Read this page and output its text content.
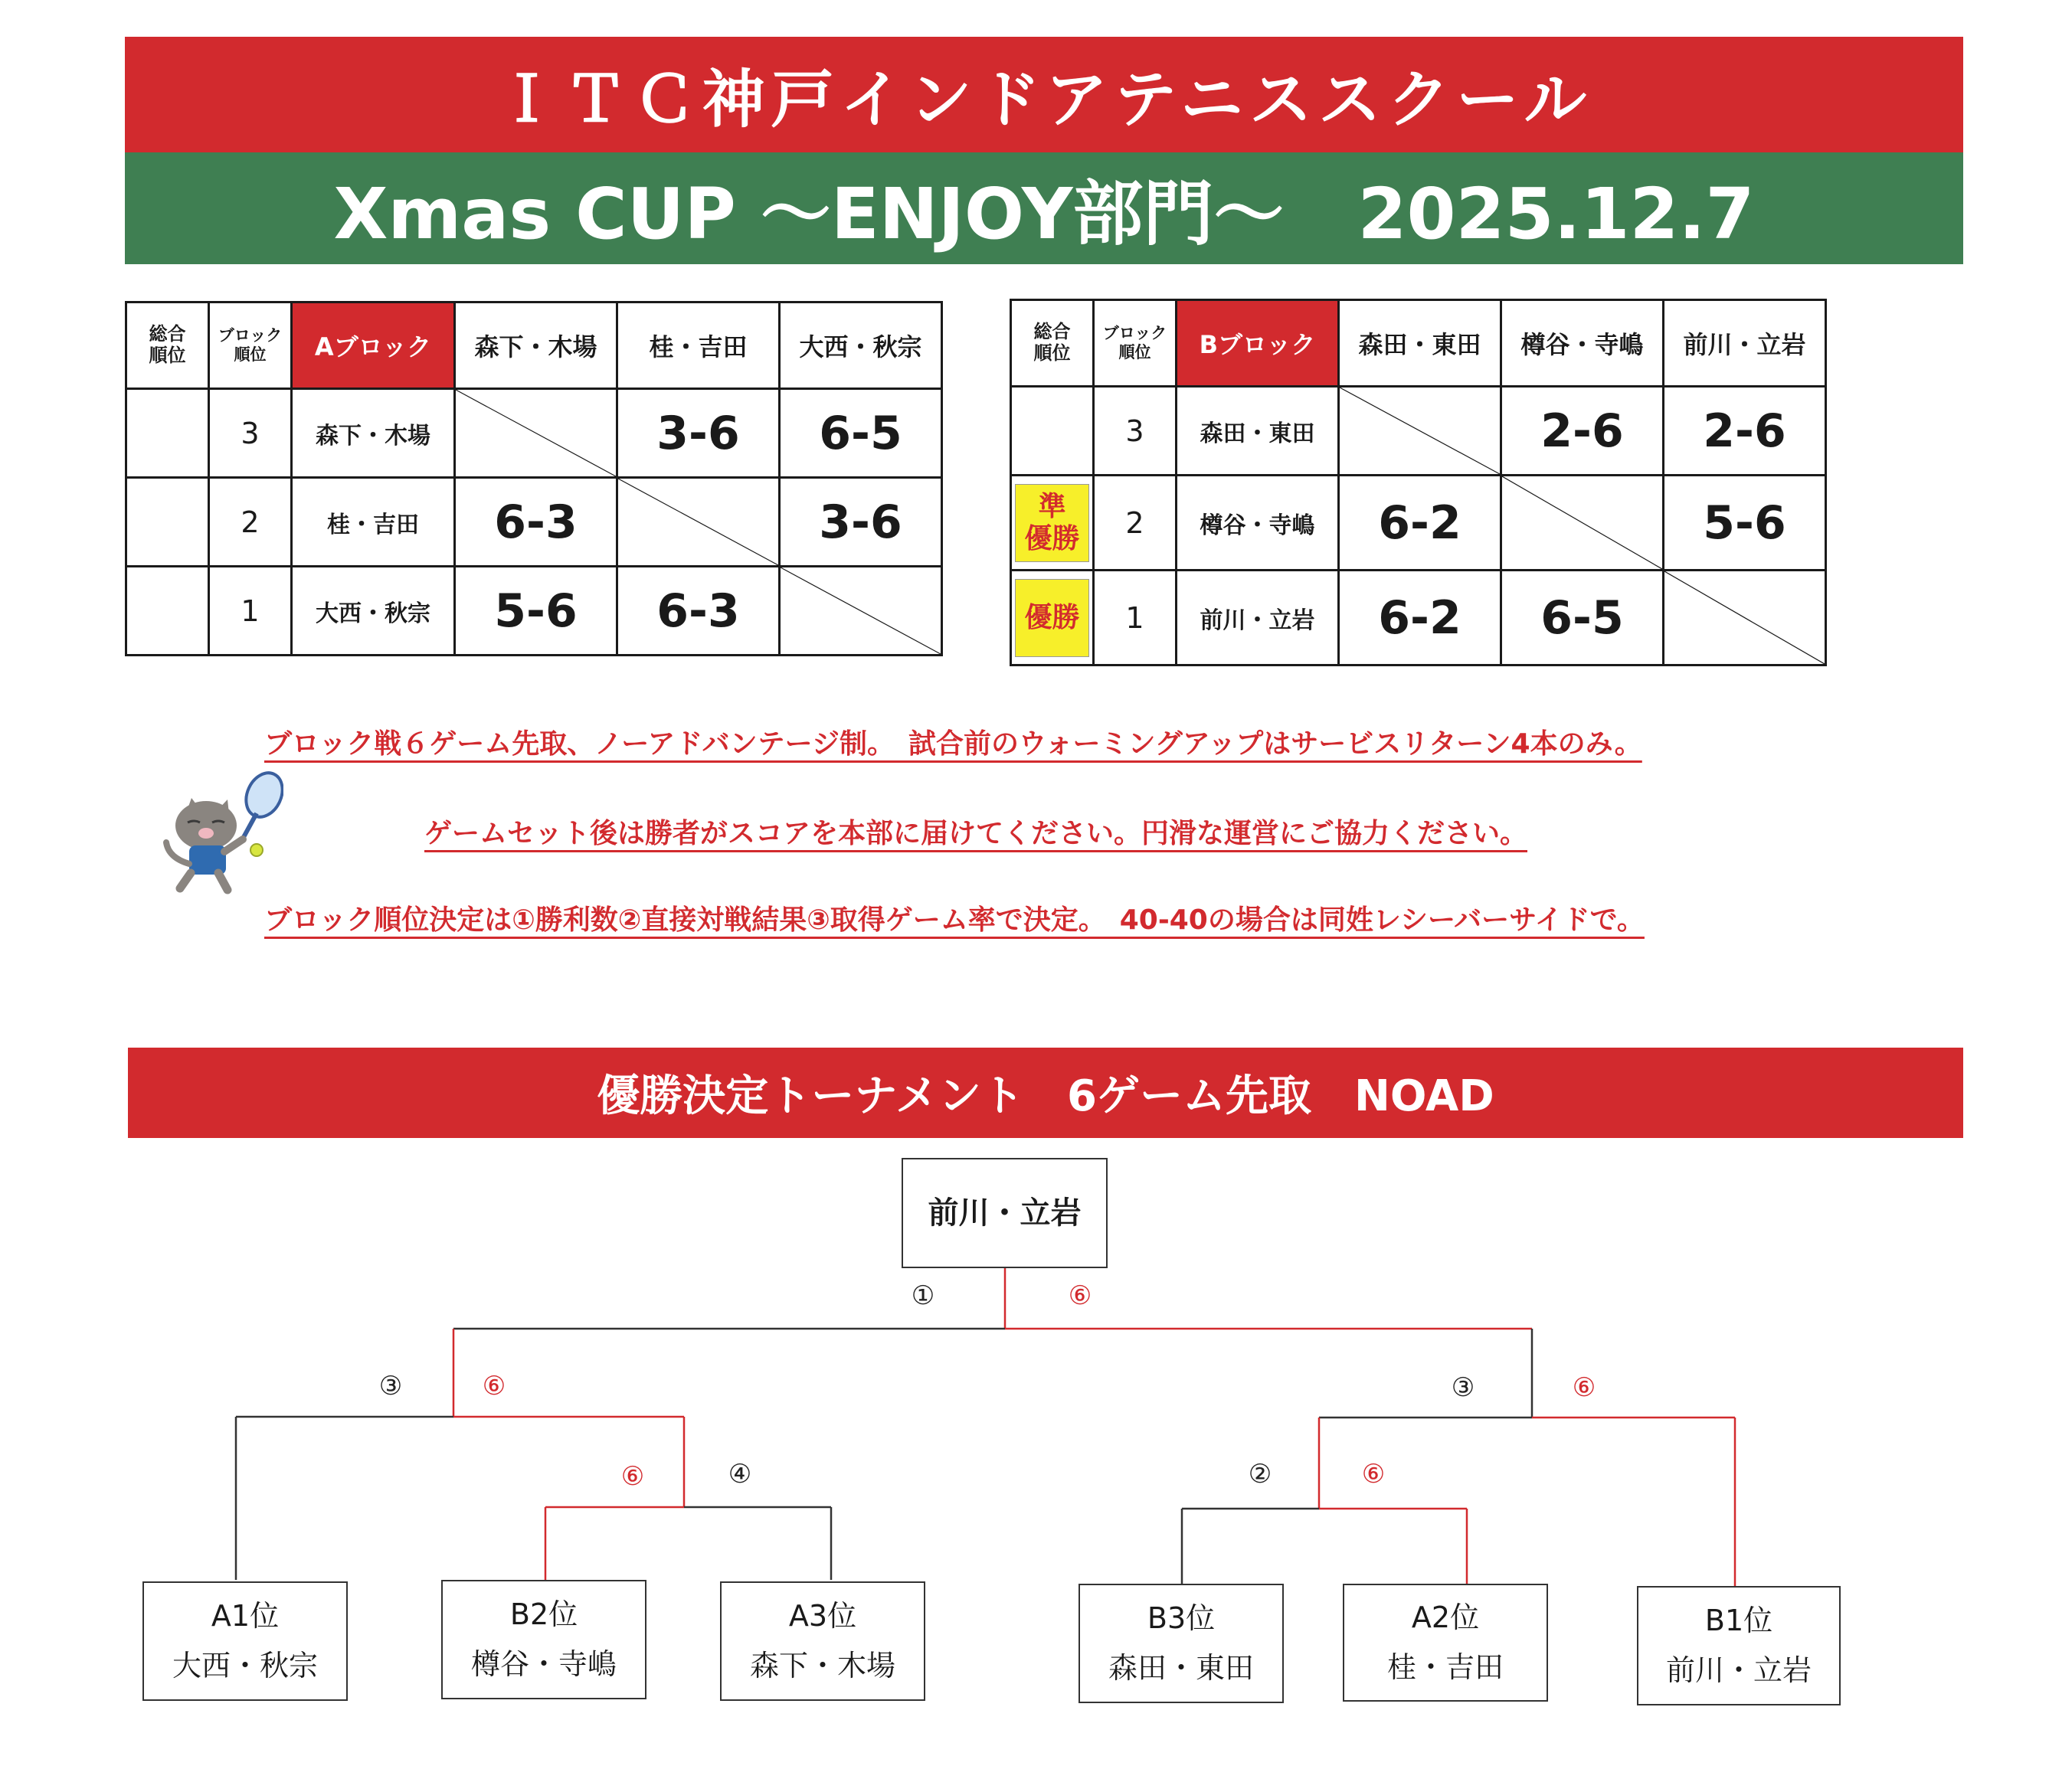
ＩＴＣ神戸インドアテニススクール
Xmas CUP ～ENJOY部門～   2025.12.7
総合
順位	ブロック
順位	Aブロック	森下・木場	桂・吉田	大西・秋宗
	3	森下・木場		3-6	6-5
	2	桂・吉田	6-3		3-6
	1	大西・秋宗	5-6	6-3	
総合
順位	ブロック
順位	Bブロック	森田・東田	樽谷・寺嶋	前川・立岩
	3	森田・東田		2-6	2-6

準
優勝	2	樽谷・寺嶋	6-2		5-6

優勝	1	前川・立岩	6-2	6-5	
ブロック戦６ゲーム先取、ノーアドバンテージ制。　試合前のウォーミングアップはサービスリターン4本のみ。
ゲームセット後は勝者がスコアを本部に届けてください。円滑な運営にご協力ください。
ブロック順位決定は①勝利数②直接対戦結果③取得ゲーム率で決定。　40-40の場合は同姓レシーバーサイドで。
優勝決定トーナメント　6ゲーム先取　NOAD
①	⑥
③	⑥	③	⑥
⑥	④	②	⑥
前川・立岩
A1位
大西・秋宗
B2位
樽谷・寺嶋
A3位
森下・木場
B3位
森田・東田
A2位
桂・吉田
B1位
前川・立岩
